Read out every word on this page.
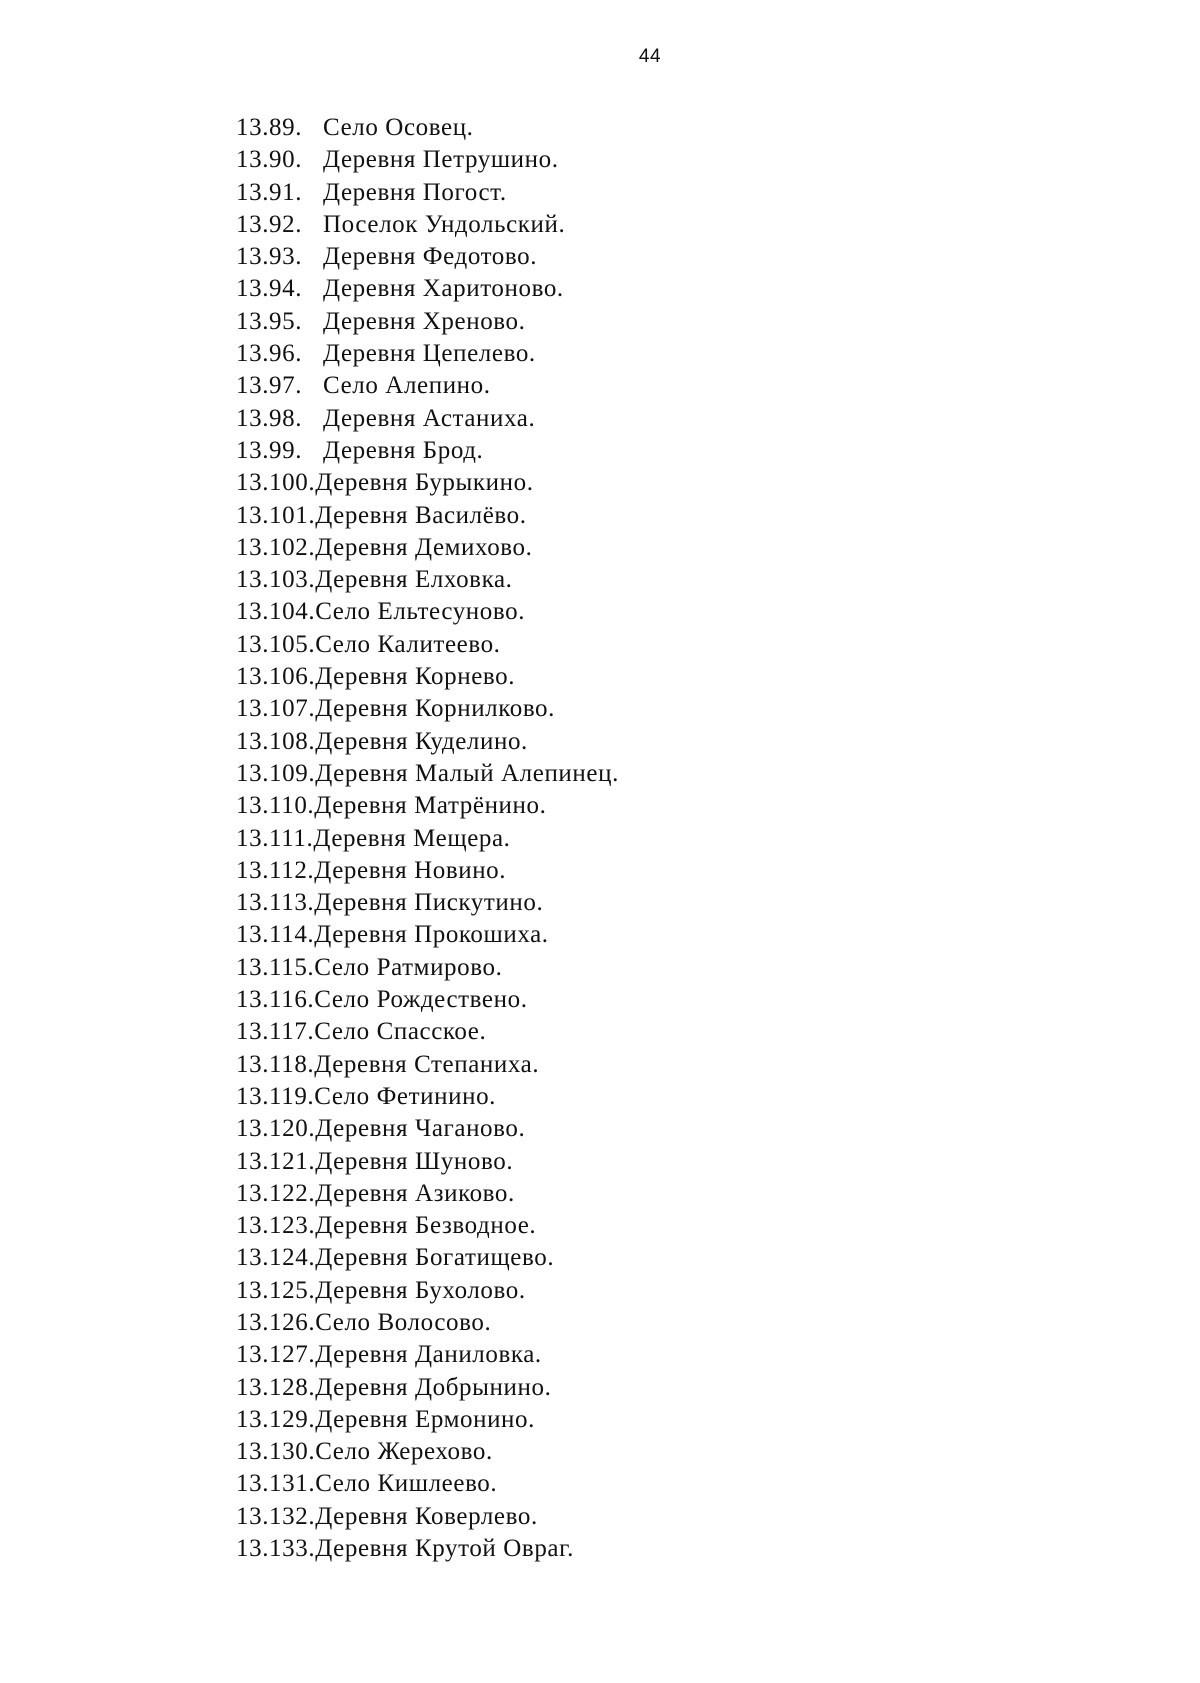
44
13.89. Село Осовец.
13.90. Деревня Петрушино.
13.91. Деревня Погост.
13.92. Поселок Ундольский.
13.93. Деревня Федотово.
13.94. Деревня Харитоново.
13.95. Деревня Хреново.
13.96. Деревня Цепелево.
13.97. Село Алепино.
13.98. Деревня Астаниха.
13.99. Деревня Брод.
13.100.Деревня Бурыкино.
13.101.Деревня Василёво.
13.102.Деревня Демихово.
13.103.Деревня Елховка.
13.104.Село Ельтесуново.
13.105.Село Калитеево.
13.106.Деревня Корнево.
13.107.Деревня Корнилково.
13.108.Деревня Куделино.
13.109.Деревня Малый Алепинец.
13.110.Деревня Матрёнино.
13.111.Деревня Мещера.
13.112.Деревня Новино.
13.113.Деревня Пискутино.
13.114.Деревня Прокошиха.
13.115.Село Ратмирово.
13.116.Село Рождествено.
13.117.Село Спасское.
13.118.Деревня Степаниха.
13.119.Село Фетинино.
13.120.Деревня Чаганово.
13.121.Деревня Шуново.
13.122.Деревня Азиково.
13.123.Деревня Безводное.
13.124.Деревня Богатищево.
13.125.Деревня Бухолово.
13.126.Село Волосово.
13.127.Деревня Даниловка.
13.128.Деревня Добрынино.
13.129.Деревня Ермонино.
13.130.Село Жерехово.
13.131.Село Кишлеево.
13.132.Деревня Коверлево.
13.133.Деревня Крутой Овраг.
